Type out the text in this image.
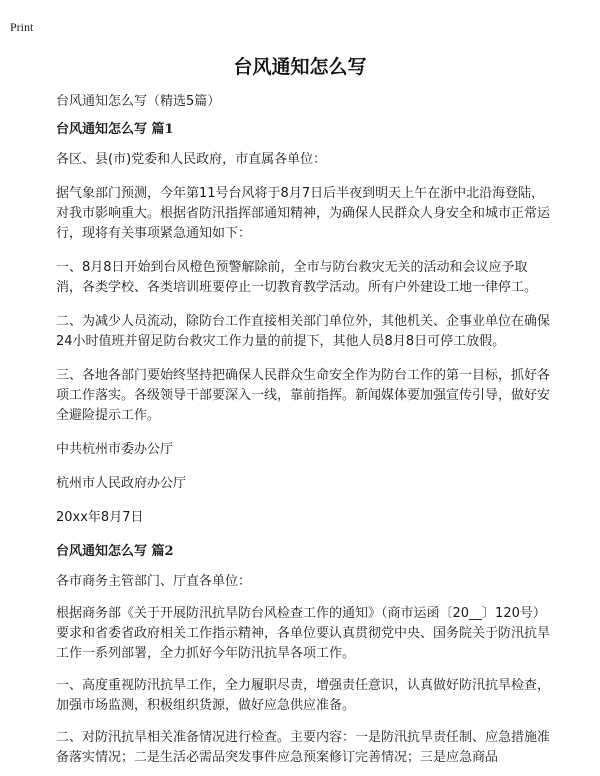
Print
台风通知怎么写

台风通知怎么写（精选5篇）

台风通知怎么写 篇1

各区、县(市)党委和人民政府，市直属各单位：

据气象部门预测，今年第11号台风将于8月7日后半夜到明天上午在浙中北沿海登陆，对我市影响重大。根据省防汛指挥部通知精神，为确保人民群众人身安全和城市正常运行，现将有关事项紧急通知如下：

一、8月8日开始到台风橙色预警解除前，全市与防台救灾无关的活动和会议应予取消，各类学校、各类培训班要停止一切教育教学活动。所有户外建设工地一律停工。

二、为减少人员流动，除防台工作直接相关部门单位外，其他机关、企事业单位在确保24小时值班并留足防台救灾工作力量的前提下，其他人员8月8日可停工放假。

三、各地各部门要始终坚持把确保人民群众生命安全作为防台工作的第一目标，抓好各项工作落实。各级领导干部要深入一线，靠前指挥。新闻媒体要加强宣传引导，做好安全避险提示工作。

中共杭州市委办公厅

杭州市人民政府办公厅

20xx年8月7日

台风通知怎么写 篇2

各市商务主管部门、厅直各单位：

根据商务部《关于开展防汛抗旱防台风检查工作的通知》（商市运函〔20__〕120号）要求和省委省政府相关工作指示精神，各单位要认真贯彻党中央、国务院关于防汛抗旱工作一系列部署，全力抓好今年防汛抗旱各项工作。

一、高度重视防汛抗旱工作，全力履职尽责，增强责任意识，认真做好防汛抗旱检查，加强市场监测，积极组织货源，做好应急供应准备。

二、对防汛抗旱相关准备情况进行检查。主要内容：一是防汛抗旱责任制、应急措施准备落实情况；二是生活必需品突发事件应急预案修订完善情况；三是应急商品
